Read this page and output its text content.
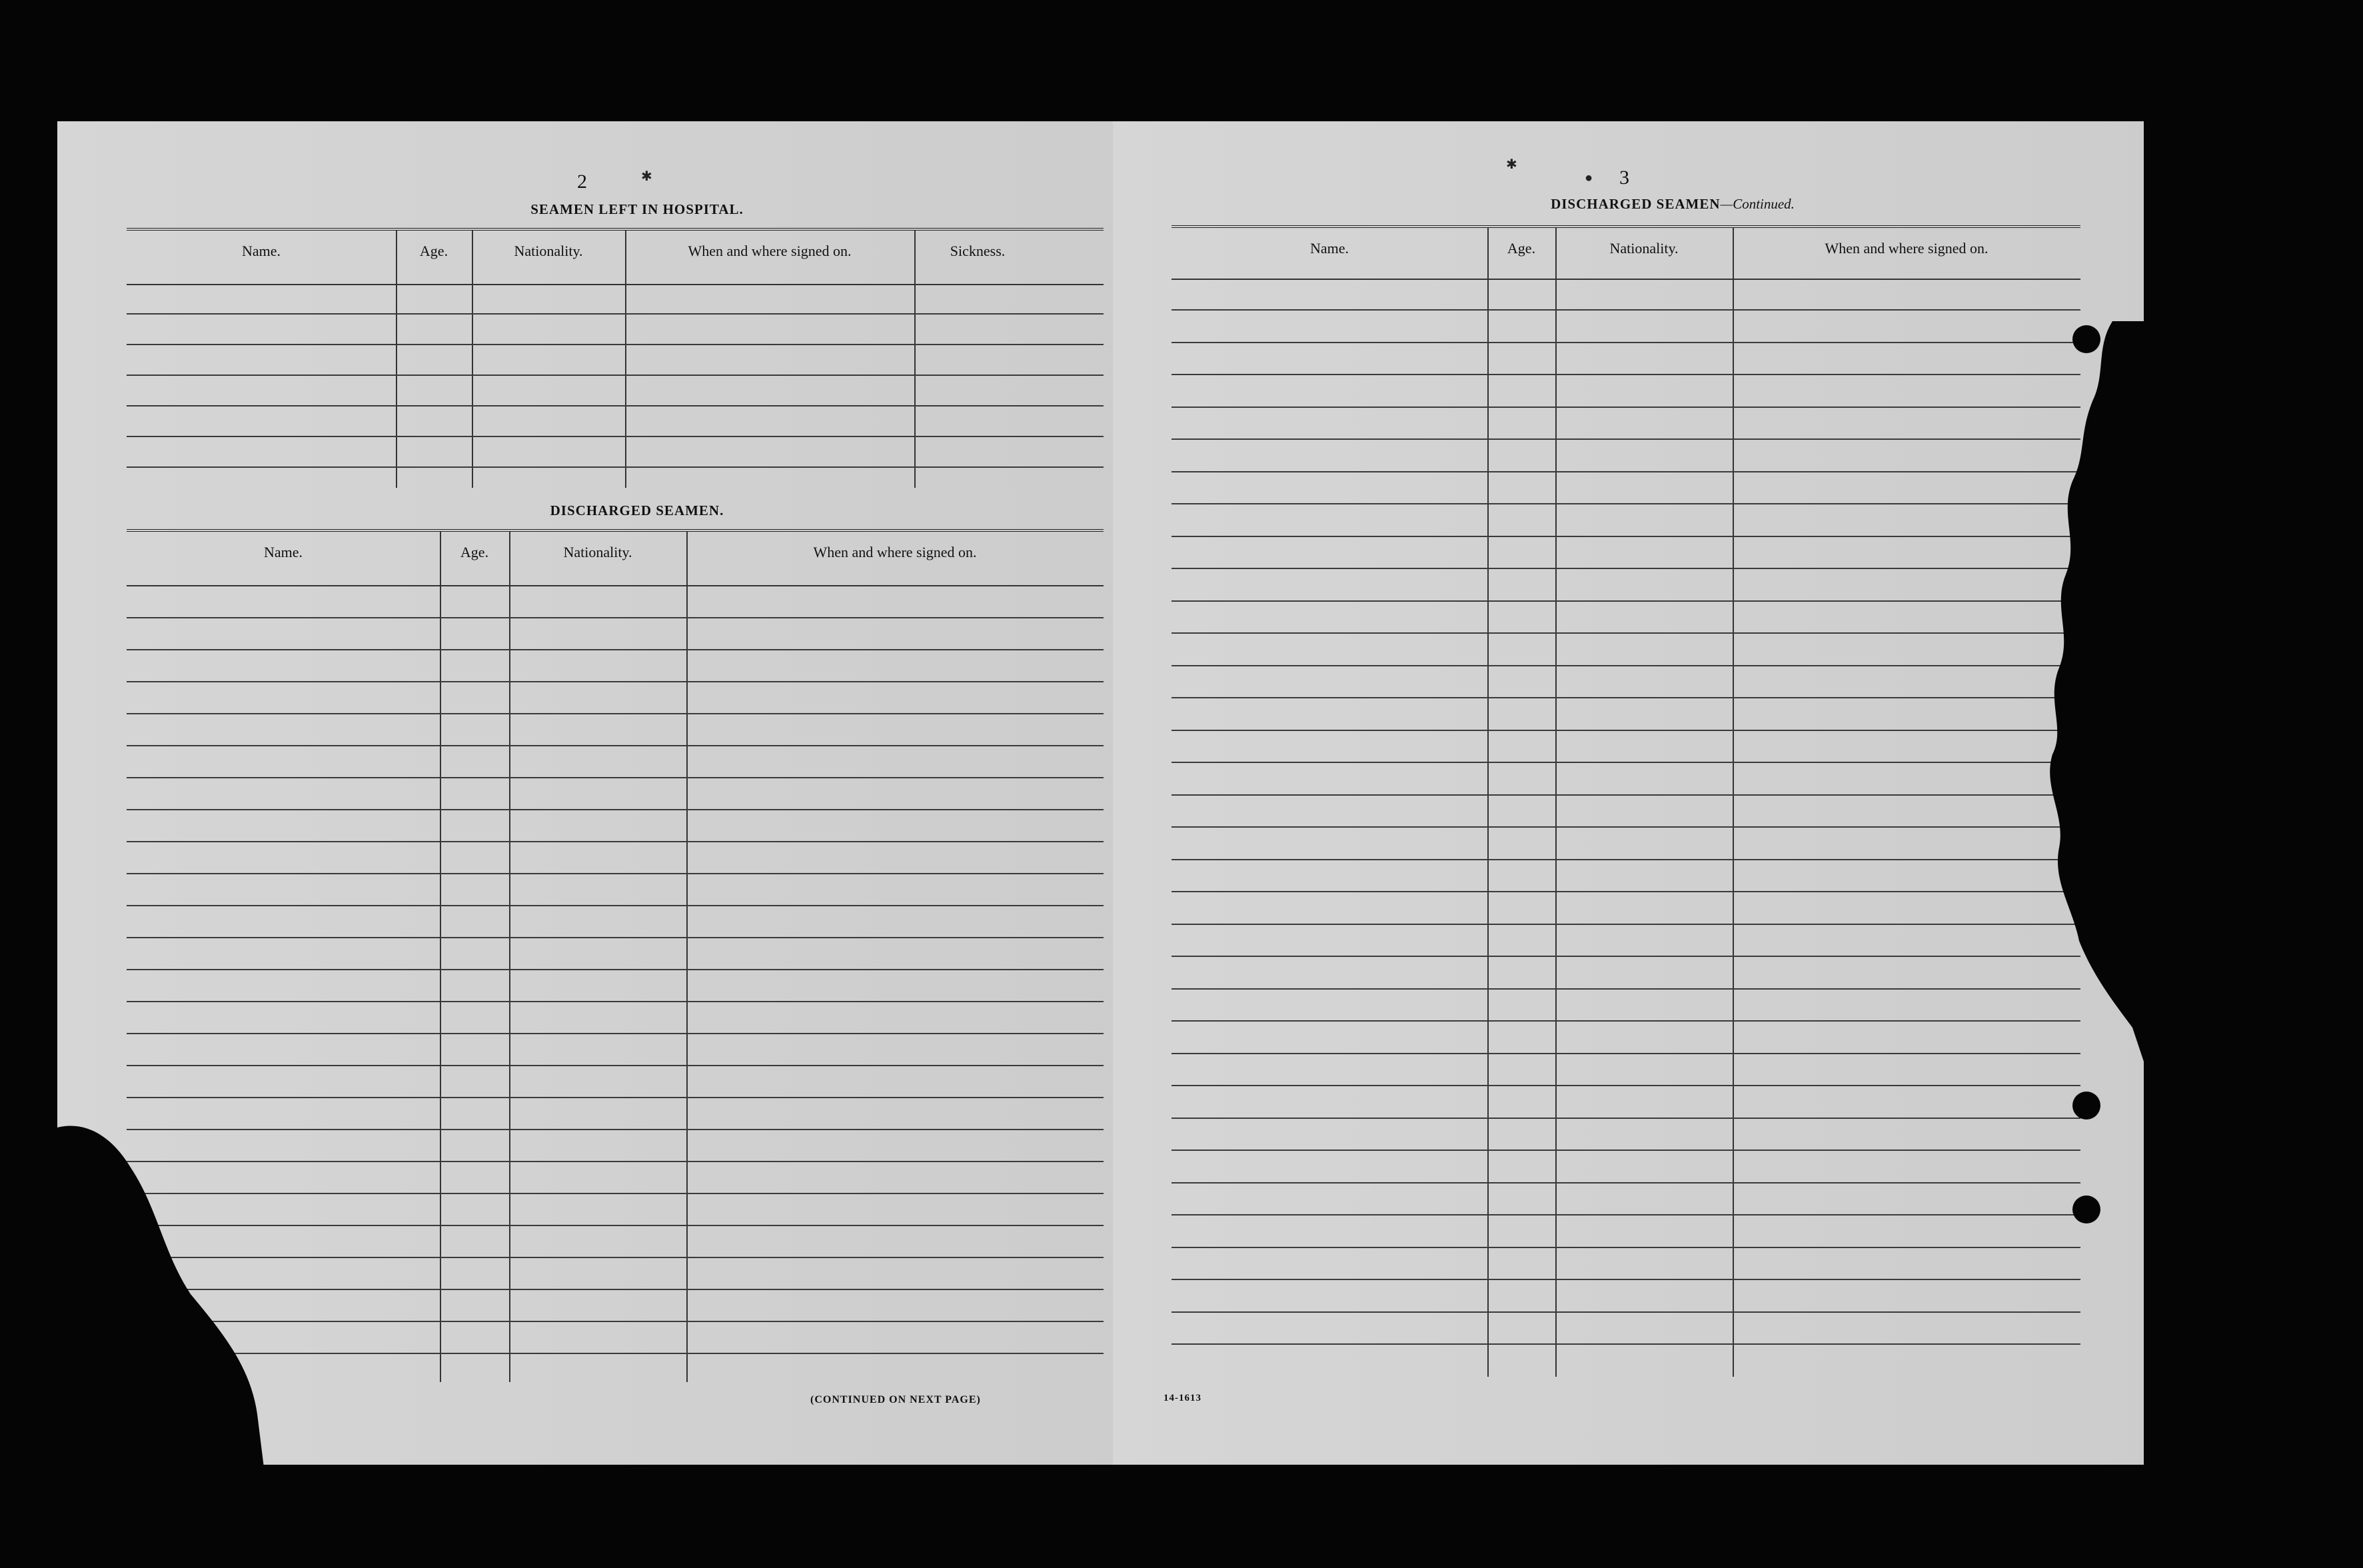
2	✱
SEAMEN LEFT IN HOSPITAL.
Name.	Age.	Nationality.	When and where signed on.	Sickness.
DISCHARGED SEAMEN.
Name.	Age.	Nationality.	When and where signed on.
(CONTINUED ON NEXT PAGE)
✱
● 3
DISCHARGED SEAMEN—Continued.
Name.	Age.	Nationality.	When and where signed on.
14-1613
